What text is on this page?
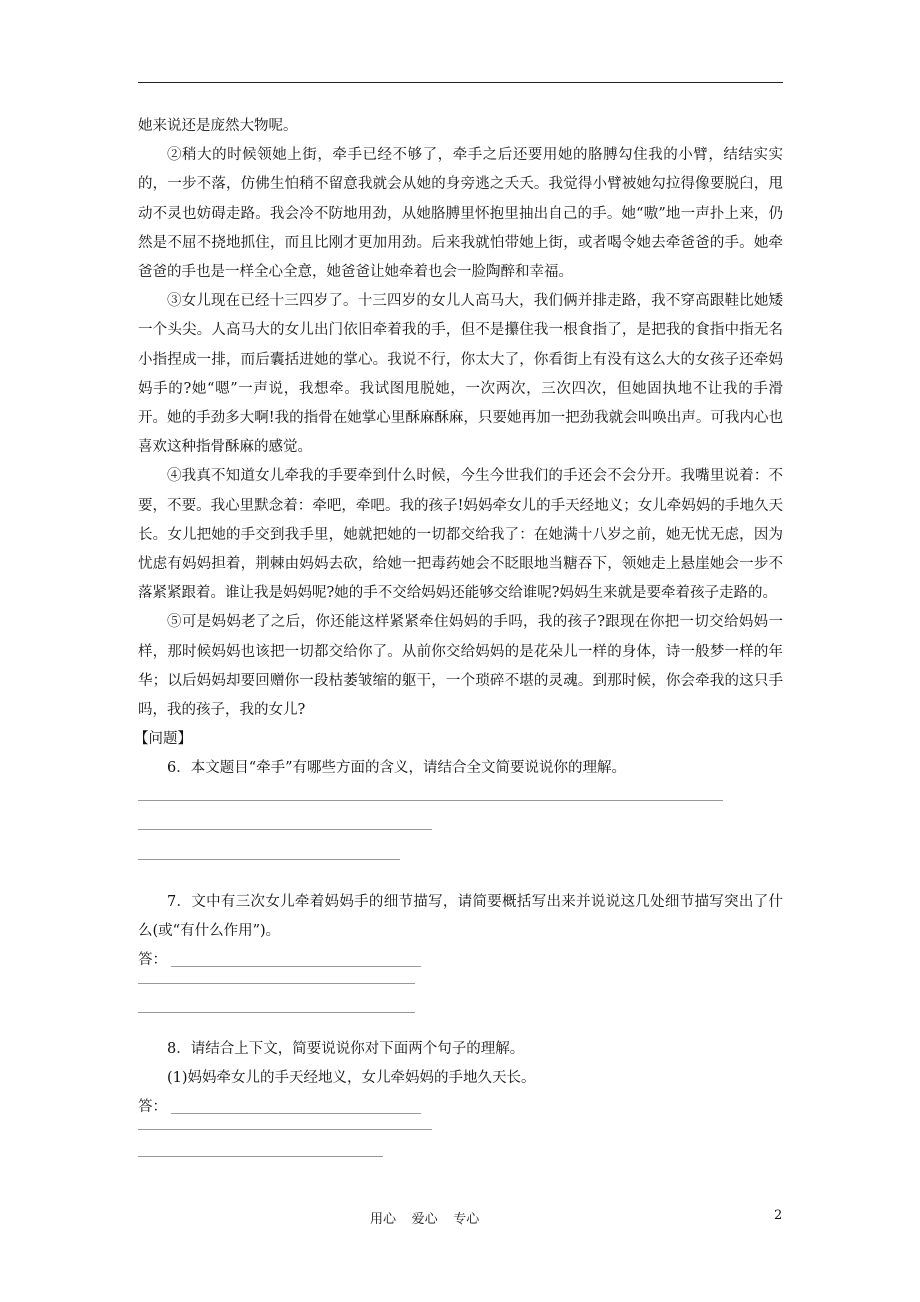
她来说还是庞然大物呢。

②稍大的时候领她上街，牵手已经不够了，牵手之后还要用她的胳膊勾住我的小臂，结结实实的，一步不落，仿佛生怕稍不留意我就会从她的身旁逃之夭夭。我觉得小臂被她勾拉得像要脱臼，甩动不灵也妨碍走路。我会冷不防地用劲，从她胳膊里怀抱里抽出自己的手。她“嗷”地一声扑上来，仍然是不屈不挠地抓住，而且比刚才更加用劲。后来我就怕带她上街，或者喝令她去牵爸爸的手。她牵爸爸的手也是一样全心全意，她爸爸让她牵着也会一脸陶醉和幸福。

③女儿现在已经十三四岁了。十三四岁的女儿人高马大，我们俩并排走路，我不穿高跟鞋比她矮一个头尖。人高马大的女儿出门依旧牵着我的手，但不是攥住我一根食指了，是把我的食指中指无名小指捏成一排，而后囊括进她的掌心。我说不行，你太大了，你看街上有没有这么大的女孩子还牵妈妈手的?她“嗯”一声说，我想牵。我试图甩脱她，一次两次，三次四次，但她固执地不让我的手滑开。她的手劲多大啊!我的指骨在她掌心里酥麻酥麻，只要她再加一把劲我就会叫唤出声。可我内心也喜欢这种指骨酥麻的感觉。

④我真不知道女儿牵我的手要牵到什么时候，今生今世我们的手还会不会分开。我嘴里说着：不要，不要。我心里默念着：牵吧，牵吧。我的孩子!妈妈牵女儿的手天经地义；女儿牵妈妈的手地久天长。女儿把她的手交到我手里，她就把她的一切都交给我了：在她满十八岁之前，她无忧无虑，因为忧虑有妈妈担着，荆棘由妈妈去砍，给她一把毒药她会不眨眼地当糖吞下，领她走上悬崖她会一步不落紧紧跟着。谁让我是妈妈呢?她的手不交给妈妈还能够交给谁呢?妈妈生来就是要牵着孩子走路的。

⑤可是妈妈老了之后，你还能这样紧紧牵住妈妈的手吗，我的孩子?跟现在你把一切交给妈妈一样，那时候妈妈也该把一切都交给你了。从前你交给妈妈的是花朵儿一样的身体，诗一般梦一样的年华；以后妈妈却要回赠你一段枯萎皱缩的躯干，一个琐碎不堪的灵魂。到那时候，你会牵我的这只手吗，我的孩子，我的女儿?

【问题】

6．本文题目“牵手”有哪些方面的含义，请结合全文简要说说你的理解。

7．文中有三次女儿牵着妈妈手的细节描写，请简要概括写出来并说说这几处细节描写突出了什么(或“有什么作用”)。

答：

8．请结合上下文，简要说说你对下面两个句子的理解。

(1)妈妈牵女儿的手天经地义，女儿牵妈妈的手地久天长。

答：
用心 爱心 专心	2
